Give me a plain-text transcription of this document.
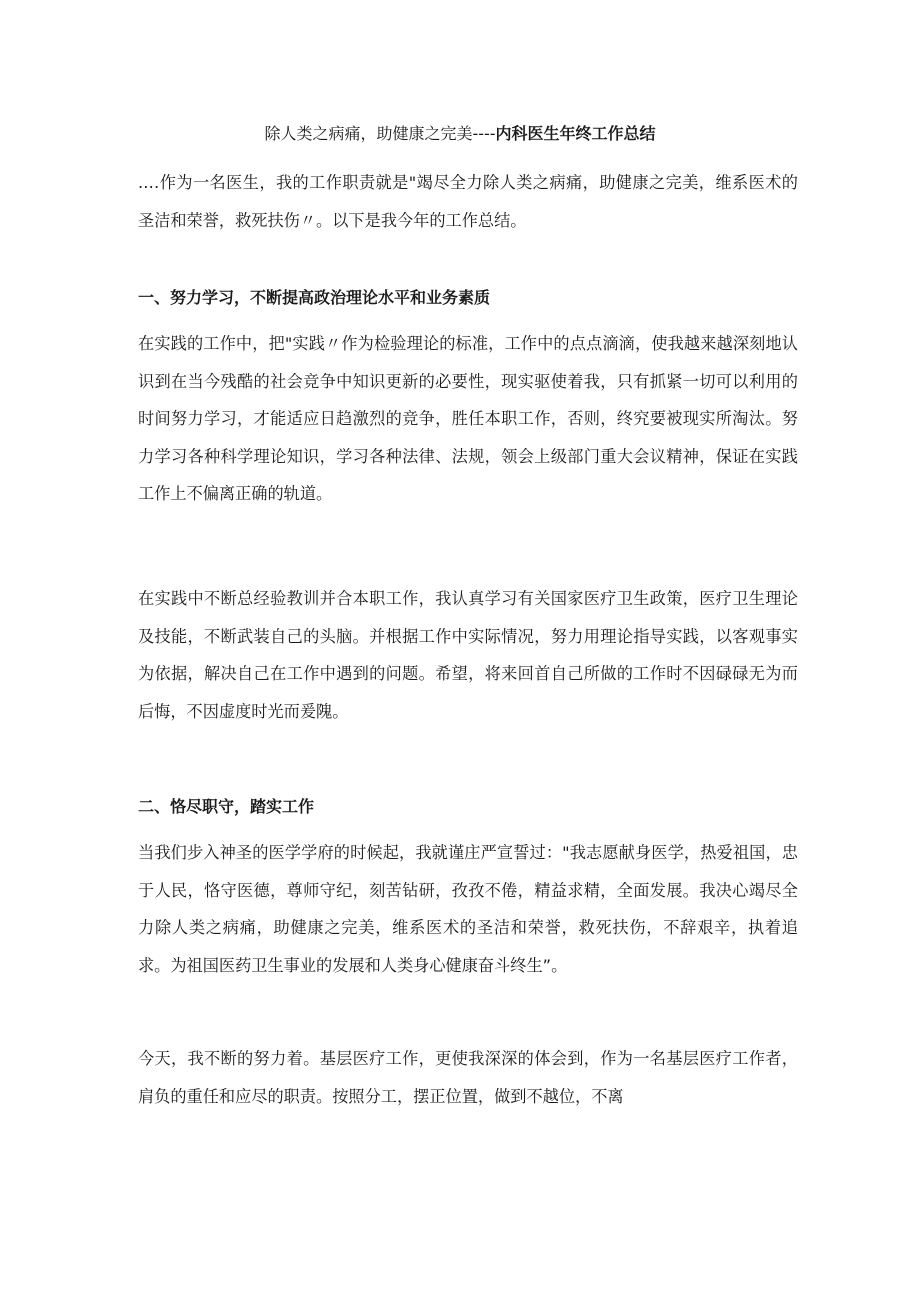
除人类之病痛，助健康之完美----内科医生年终工作总结

.…作为一名医生，我的工作职责就是"竭尽全力除人类之病痛，助健康之完美，维系医术的圣洁和荣誉，救死扶伤〃。以下是我今年的工作总结。

一、努力学习，不断提高政治理论水平和业务素质

在实践的工作中，把"实践〃作为检验理论的标准，工作中的点点滴滴，使我越来越深刻地认识到在当今残酷的社会竞争中知识更新的必要性，现实驱使着我，只有抓紧一切可以利用的时间努力学习，才能适应日趋激烈的竞争，胜任本职工作，否则，终究要被现实所淘汰。努力学习各种科学理论知识，学习各种法律、法规，领会上级部门重大会议精神，保证在实践工作上不偏离正确的轨道。

在实践中不断总经验教训并合本职工作，我认真学习有关国家医疗卫生政策，医疗卫生理论及技能，不断武装自己的头脑。并根据工作中实际情况，努力用理论指导实践，以客观事实为依据，解决自己在工作中遇到的问题。希望，将来回首自己所做的工作时不因碌碌无为而后悔，不因虚度时光而爰隗。

二、恪尽职守，踏实工作

当我们步入神圣的医学学府的时候起，我就谨庄严宣誓过："我志愿献身医学，热爱祖国，忠于人民，恪守医德，尊师守纪，刻苦钻研，孜孜不倦，精益求精，全面发展。我决心竭尽全力除人类之病痛，助健康之完美，维系医术的圣洁和荣誉，救死扶伤，不辞艰辛，执着追求。为祖国医药卫生事业的发展和人类身心健康奋斗终生”。

今天，我不断的努力着。基层医疗工作，更使我深深的体会到，作为一名基层医疗工作者，肩负的重任和应尽的职责。按照分工，摆正位置，做到不越位，不离
